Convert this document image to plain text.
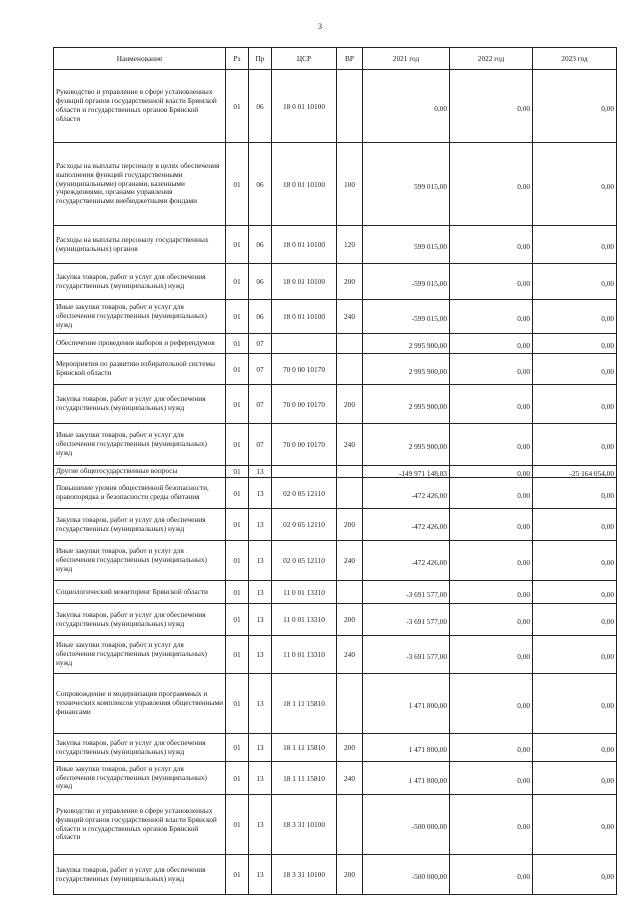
3
Наименование	Рз	Пр	ЦСР	ВР	2021 год	2022 год	2023 год
Руководство и управление в сфере установленных функций органов государственной власти Брянской области и государственных органов Брянской области	01	06	18 0 01 10100		0,00	0,00	0,00
Расходы на выплаты персоналу в целях обеспечения выполнения функций государственными (муниципальными) органами, казенными учреждениями, органами управления государственными внебюджетными фондами	01	06	18 0 01 10100	100	599 015,00	0,00	0,00
Расходы на выплаты персоналу государственных (муниципальных) органов	01	06	18 0 01 10100	120	599 015,00	0,00	0,00
Закупка товаров, работ и услуг для обеспечения государственных (муниципальных) нужд	01	06	18 0 01 10100	200	-599 015,00	0,00	0,00
Иные закупки товаров, работ и услуг для обеспечения государственных (муниципальных) нужд	01	06	18 0 01 10100	240	-599 015,00	0,00	0,00
Обеспечение проведения выборов и референдумов	01	07			2 995 900,00	0,00	0,00
Мероприятия по развитию избирательной системы Брянской области	01	07	70 0 00 10170		2 995 900,00	0,00	0,00
Закупка товаров, работ и услуг для обеспечения государственных (муниципальных) нужд	01	07	70 0 00 10170	200	2 995 900,00	0,00	0,00
Иные закупки товаров, работ и услуг для обеспечения государственных (муниципальных) нужд	01	07	70 0 00 10170	240	2 995 900,00	0,00	0,00
Другие общегосударственные вопросы	01	13			-149 971 148,83	0,00	-25 164 054,00
Повышение уровня общественной безопасности, правопорядка и безопасности среды обитания	01	13	02 0 05 12110		-472 426,00	0,00	0,00
Закупка товаров, работ и услуг для обеспечения государственных (муниципальных) нужд	01	13	02 0 05 12110	200	-472 426,00	0,00	0,00
Иные закупки товаров, работ и услуг для обеспечения государственных (муниципальных) нужд	01	13	02 0 05 12110	240	-472 426,00	0,00	0,00
Социологический мониторинг Брянской области	01	13	11 0 01 13310		-3 691 577,00	0,00	0,00
Закупка товаров, работ и услуг для обеспечения государственных (муниципальных) нужд	01	13	11 0 01 13310	200	-3 691 577,00	0,00	0,00
Иные закупки товаров, работ и услуг для обеспечения государственных (муниципальных) нужд	01	13	11 0 01 13310	240	-3 691 577,00	0,00	0,00
Сопровождение и модернизация программных и технических комплексов управления общественными финансами	01	13	18 1 11 15810		1 471 800,00	0,00	0,00
Закупка товаров, работ и услуг для обеспечения государственных (муниципальных) нужд	01	13	18 1 11 15810	200	1 471 800,00	0,00	0,00
Иные закупки товаров, работ и услуг для обеспечения государственных (муниципальных) нужд	01	13	18 1 11 15810	240	1 471 800,00	0,00	0,00
Руководство и управление в сфере установленных функций органов государственной власти Брянской области и государственных органов Брянской области	01	13	18 3 31 10100		-500 000,00	0,00	0,00
Закупка товаров, работ и услуг для обеспечения государственных (муниципальных) нужд	01	13	18 3 31 10100	200	-500 000,00	0,00	0,00
